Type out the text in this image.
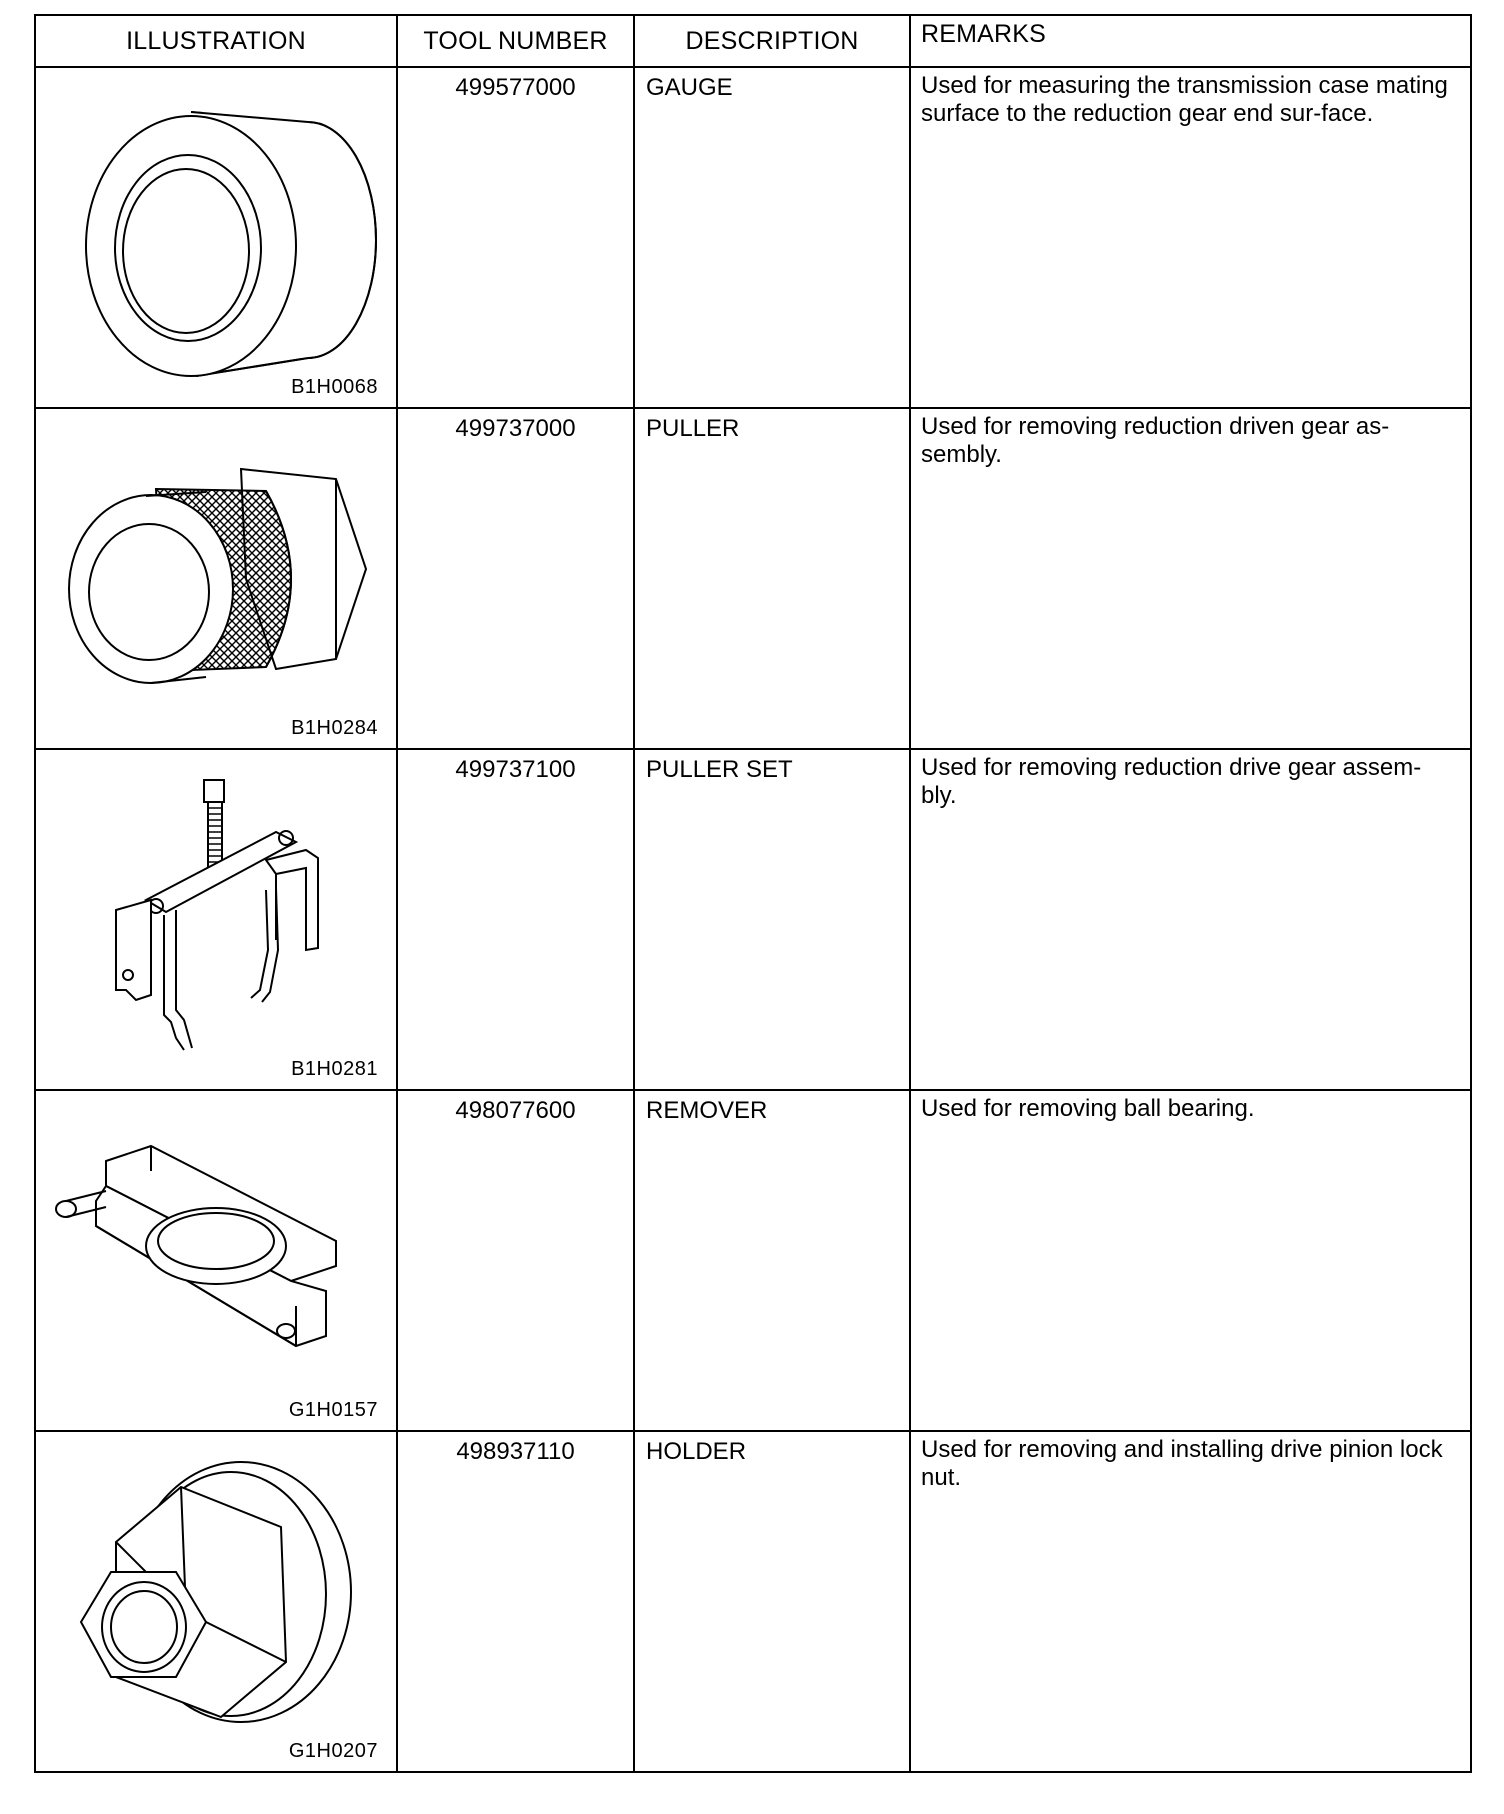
ILLUSTRATION	TOOL NUMBER	DESCRIPTION	REMARKS

B1H0068	499577000	GAUGE	Used for measuring the transmission case mating surface to the reduction gear end sur-face.

B1H0284	499737000	PULLER	Used for removing reduction driven gear as-sembly.

B1H0281	499737100	PULLER SET	Used for removing reduction drive gear assem-bly.

G1H0157	498077600	REMOVER	Used for removing ball bearing.

G1H0207	498937110	HOLDER	Used for removing and installing drive pinion lock nut.
